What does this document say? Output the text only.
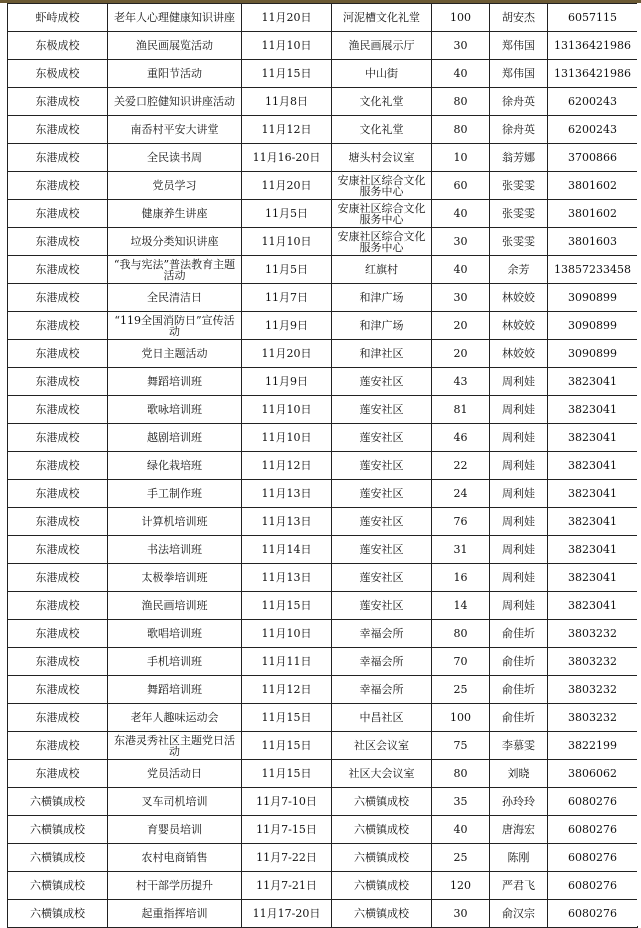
虾峙成校	老年人心理健康知识讲座	11月20日	河泥槽文化礼堂	100	胡安杰	6057115
东极成校	渔民画展览活动	11月10日	渔民画展示厅	30	郑伟国	13136421986
东极成校	重阳节活动	11月15日	中山街	40	郑伟国	13136421986
东港成校	关爱口腔健知识讲座活动	11月8日	文化礼堂	80	徐舟英	6200243
东港成校	南岙村平安大讲堂	11月12日	文化礼堂	80	徐舟英	6200243
东港成校	全民读书周	11月16-20日	塘头村会议室	10	翁芳娜	3700866
东港成校	党员学习	11月20日	安康社区综合文化服务中心	60	张雯雯	3801602
东港成校	健康养生讲座	11月5日	安康社区综合文化服务中心	40	张雯雯	3801602
东港成校	垃圾分类知识讲座	11月10日	安康社区综合文化服务中心	30	张雯雯	3801603
东港成校	“我与宪法”普法教育主题活动	11月5日	红旗村	40	余芳	13857233458
东港成校	全民清洁日	11月7日	和津广场	30	林姣姣	3090899
东港成校	“119全国消防日”宣传活动	11月9日	和津广场	20	林姣姣	3090899
东港成校	党日主题活动	11月20日	和津社区	20	林姣姣	3090899
东港成校	舞蹈培训班	11月9日	莲安社区	43	周利娃	3823041
东港成校	歌咏培训班	11月10日	莲安社区	81	周利娃	3823041
东港成校	越剧培训班	11月10日	莲安社区	46	周利娃	3823041
东港成校	绿化栽培班	11月12日	莲安社区	22	周利娃	3823041
东港成校	手工制作班	11月13日	莲安社区	24	周利娃	3823041
东港成校	计算机培训班	11月13日	莲安社区	76	周利娃	3823041
东港成校	书法培训班	11月14日	莲安社区	31	周利娃	3823041
东港成校	太极拳培训班	11月13日	莲安社区	16	周利娃	3823041
东港成校	渔民画培训班	11月15日	莲安社区	14	周利娃	3823041
东港成校	歌唱培训班	11月10日	幸福会所	80	俞佳圻	3803232
东港成校	手机培训班	11月11日	幸福会所	70	俞佳圻	3803232
东港成校	舞蹈培训班	11月12日	幸福会所	25	俞佳圻	3803232
东港成校	老年人趣味运动会	11月15日	中昌社区	100	俞佳圻	3803232
东港成校	东港灵秀社区主题党日活动	11月15日	社区会议室	75	李慕雯	3822199
东港成校	党员活动日	11月15日	社区大会议室	80	刘晓	3806062
六横镇成校	叉车司机培训	11月7-10日	六横镇成校	35	孙玲玲	6080276
六横镇成校	育婴员培训	11月7-15日	六横镇成校	40	唐海宏	6080276
六横镇成校	农村电商销售	11月7-22日	六横镇成校	25	陈刚	6080276
六横镇成校	村干部学历提升	11月7-21日	六横镇成校	120	严君飞	6080276
六横镇成校	起重指挥培训	11月17-20日	六横镇成校	30	俞汉宗	6080276
